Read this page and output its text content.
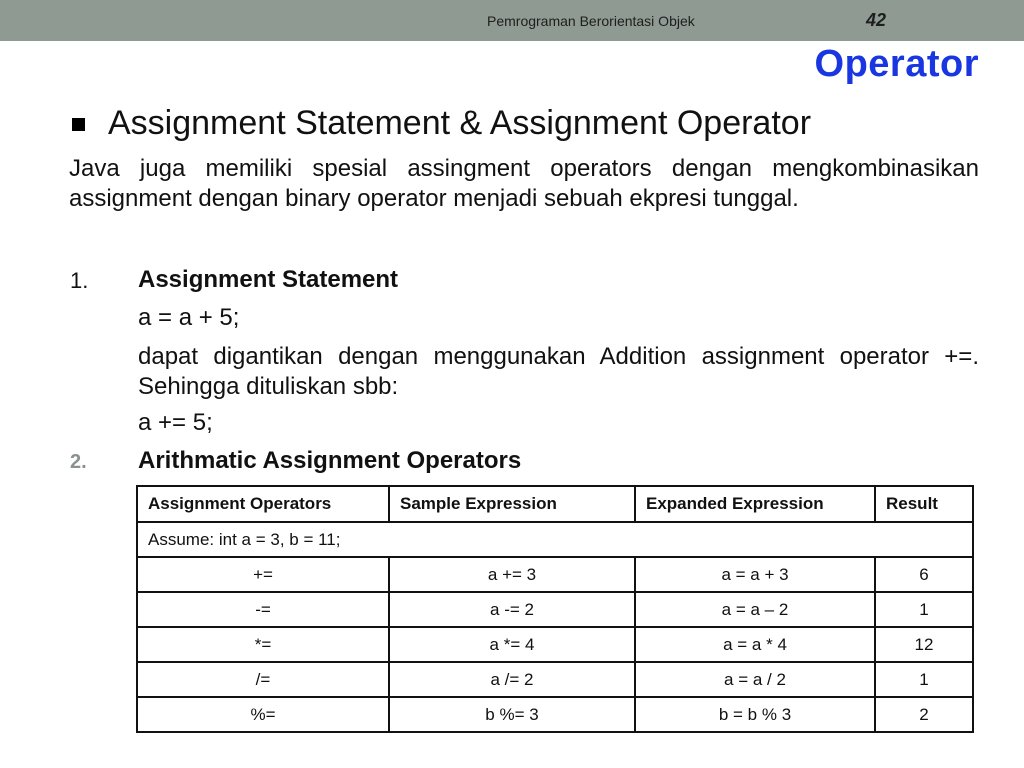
Pemrograman Berorientasi Objek	42
Operator
Assignment Statement & Assignment Operator
Java juga memiliki spesial assingment operators dengan mengkombinasikan assignment dengan binary operator menjadi sebuah ekpresi tunggal.
1. Assignment Statement
a = a + 5;
dapat digantikan dengan menggunakan Addition assignment operator +=. Sehingga dituliskan sbb:
a += 5;
2. Arithmatic Assignment Operators
Assignment Operators	Sample Expression	Expanded Expression	Result
Assume: int a = 3, b = 11;			
+=	a += 3	a = a + 3	6
-=	a -= 2	a = a – 2	1
*=	a *= 4	a = a * 4	12
/=	a /= 2	a = a / 2	1
%=	b %= 3	b = b % 3	2
